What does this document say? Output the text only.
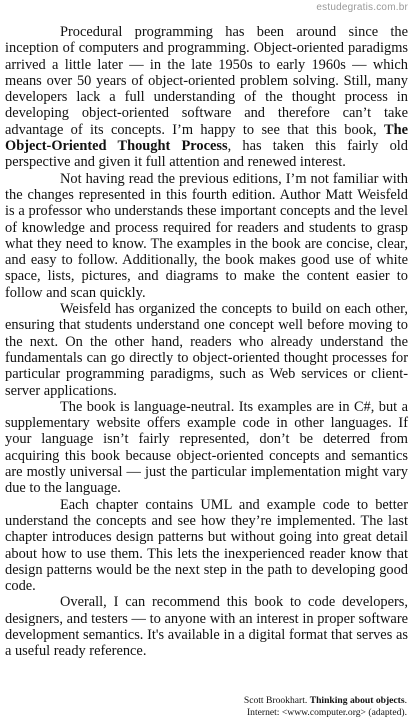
estudegratis.com.br

Procedural programming has been around since the inception of computers and programming. Object-oriented paradigms arrived a little later — in the late 1950s to early 1960s — which means over 50 years of object-oriented problem solving. Still, many developers lack a full understanding of the thought process in developing object-oriented software and therefore can’t take advantage of its concepts. I’m happy to see that this book, The Object-Oriented Thought Process, has taken this fairly old perspective and given it full attention and renewed interest.

Not having read the previous editions, I’m not familiar with the changes represented in this fourth edition. Author Matt Weisfeld is a professor who understands these important concepts and the level of knowledge and process required for readers and students to grasp what they need to know. The examples in the book are concise, clear, and easy to follow. Additionally, the book makes good use of white space, lists, pictures, and diagrams to make the content easier to follow and scan quickly.

Weisfeld has organized the concepts to build on each other, ensuring that students understand one concept well before moving to the next. On the other hand, readers who already understand the fundamentals can go directly to object-oriented thought processes for particular programming paradigms, such as Web services or client-server applications.

The book is language-neutral. Its examples are in C#, but a supplementary website offers example code in other languages. If your language isn’t fairly represented, don’t be deterred from acquiring this book because object-oriented concepts and semantics are mostly universal — just the particular implementation might vary due to the language.

Each chapter contains UML and example code to better understand the concepts and see how they’re implemented. The last chapter introduces design patterns but without going into great detail about how to use them. This lets the inexperienced reader know that design patterns would be the next step in the path to developing good code.

Overall, I can recommend this book to code developers, designers, and testers — to anyone with an interest in proper software development semantics. It's available in a digital format that serves as a useful ready reference.

Scott Brookhart. Thinking about objects.
Internet: <www.computer.org> (adapted).
